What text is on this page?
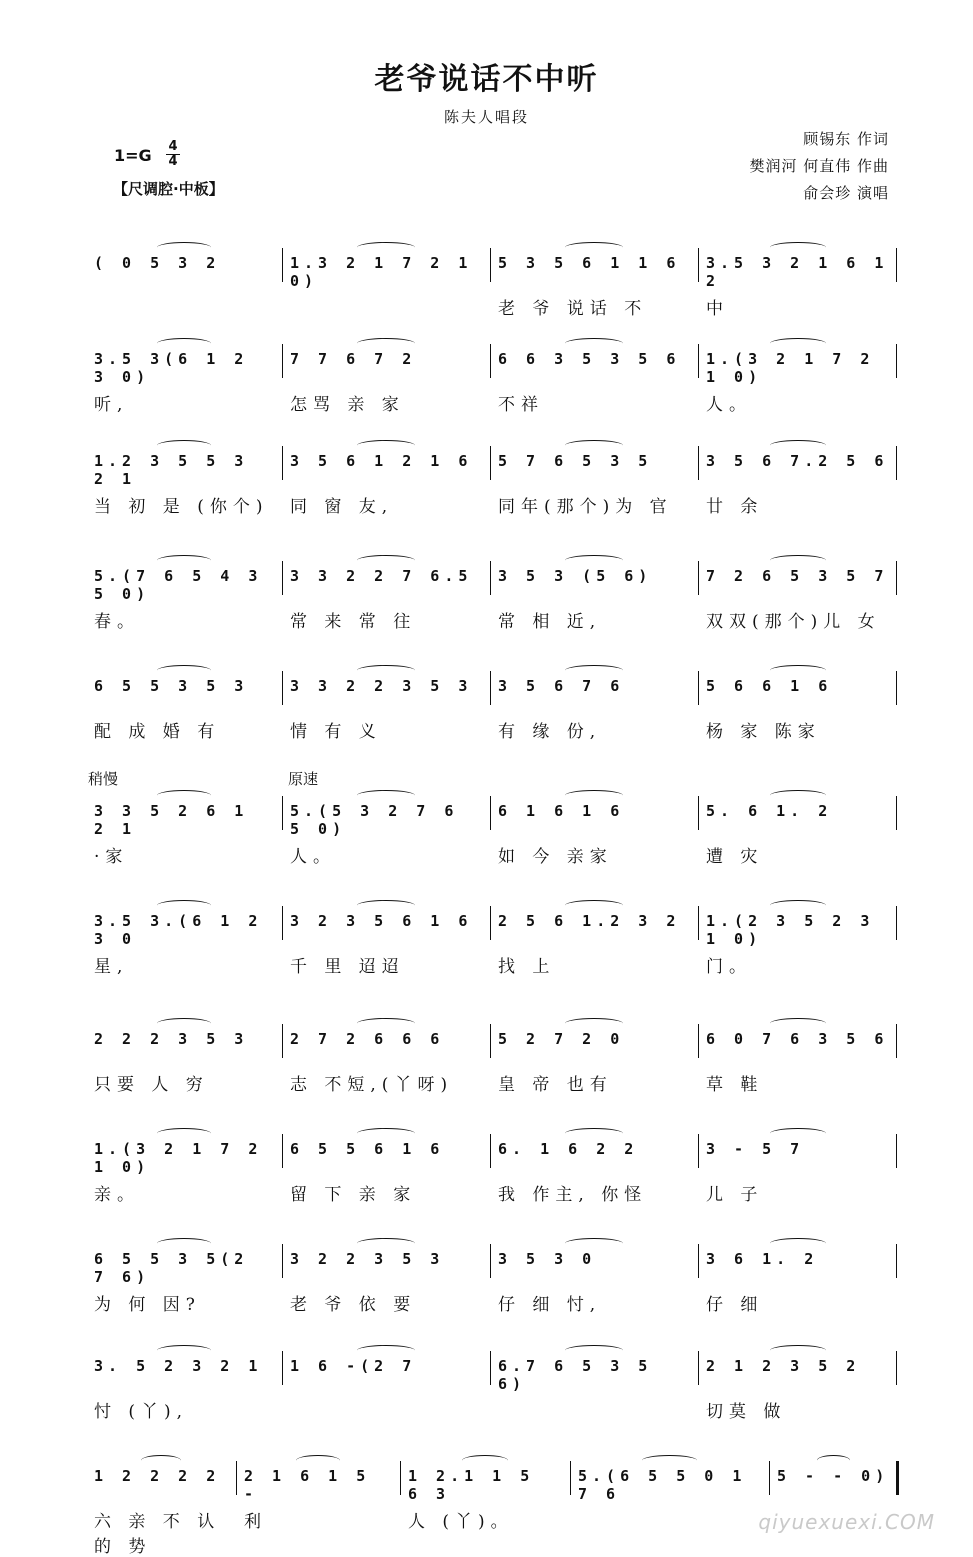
老爷说话不中听
陈夫人唱段
顾锡东 作词
樊润河 何直伟 作曲
俞会珍 演唱
1=G 4
4
【尺调腔·中板】
( 0 5 3 2	1.3 2 1 7 2 1 0)
5 3 5 6 1 1 6
老 爷 说话 不
3.5 3 2 1 6 1 2
中
3.5 3(6 1 2 3 0)
听,
7 7 6 7 2
怎骂 亲 家
6 6 3 5 3 5 6
不祥
1.(3 2 1 7 2 1 0)
人。
1.2 3 5 5 3 2 1
当 初 是 (你个)
3 5 6 1 2 1 6
同 窗 友,
5 7 6 5 3 5
同年(那个)为 官
3 5 6 7.2 5 6
廿 余
5.(7 6 5 4 3 5 0)
春。
3 3 2 2 7 6.5
常 来 常 往
3 5 3 (5 6)
常 相 近,
7 2 6 5 3 5 7
双双(那个)儿 女
6 5 5 3 5 3
配 成 婚 有
3 3 2 2 3 5 3
情 有 义
3 5 6 7 6
有 缘 份,
5 6 6 1 6
杨 家 陈家
稍慢	原速
3 3 5 2 6 1 2 1
·家
5.(5 3 2 7 6 5 0)
人。
6 1 6 1 6
如 今 亲家
5. 6 1. 2
遭 灾
3.5 3.(6 1 2 3 0
星,
3 2 3 5 6 1 6
千 里 迢迢
2 5 6 1.2 3 2
找 上
1.(2 3 5 2 3 1 0)
门。
2 2 2 3 5 3
只要 人 穷
2 7 2 6 6 6
志 不短,(丫呀)
5 2 7 2 0
皇 帝 也有
6 0 7 6 3 5 6
草 鞋
1.(3 2 1 7 2 1 0)
亲。
6 5 5 6 1 6
留 下 亲 家
6. 1 6 2 2
我 作主, 你怪
3 - 5 7
儿 子
6 5 5 3 5(2 7 6)
为 何 因?
3 2 2 3 5 3
老 爷 依 要
3 5 3 0
仔 细 忖,
3 6 1. 2
仔 细
3. 5 2 3 2 1
忖 (丫),
1 6 -(2 7	6.7 6 5 3 5 6)
2 1 2 3 5 2
切莫 做
1 2 2 2 2
六 亲 不 认 的 势
2 1 6 1 5 -
利
1 2.1 1 5 6 3
人 (丫)。
5.(6 5 5 0 1 7 6
5 - - 0)
qiyuexuexi.COM
